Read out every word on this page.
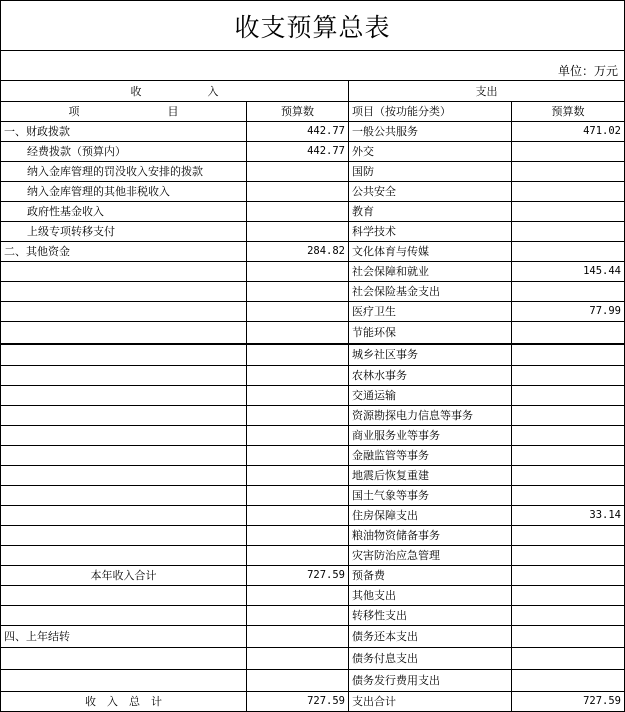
收支预算总表
单位：万元
收　　　　　　入		支出	
项　　　　　　　　目	预算数	项目（按功能分类）	预算数
一、财政拨款	442.77	一般公共服务	471.02
经费拨款（预算内）	442.77	外交	
纳入金库管理的罚没收入安排的拨款		国防	
纳入金库管理的其他非税收入		公共安全	
政府性基金收入		教育	
上级专项转移支付		科学技术	
二、其他资金	284.82	文化体育与传媒	
		社会保障和就业	145.44
		社会保险基金支出	
		医疗卫生	77.99
		节能环保	
		城乡社区事务	
		农林水事务	
		交通运输	
		资源勘探电力信息等事务	
		商业服务业等事务	
		金融监管等事务	
		地震后恢复重建	
		国土气象等事务	
		住房保障支出	33.14
		粮油物资储备事务	
		灾害防治应急管理	
本年收入合计	727.59	预备费	
		其他支出	
		转移性支出	
四、上年结转		债务还本支出	
		债务付息支出	
		债务发行费用支出	
收　入　总　计	727.59	支出合计	727.59
